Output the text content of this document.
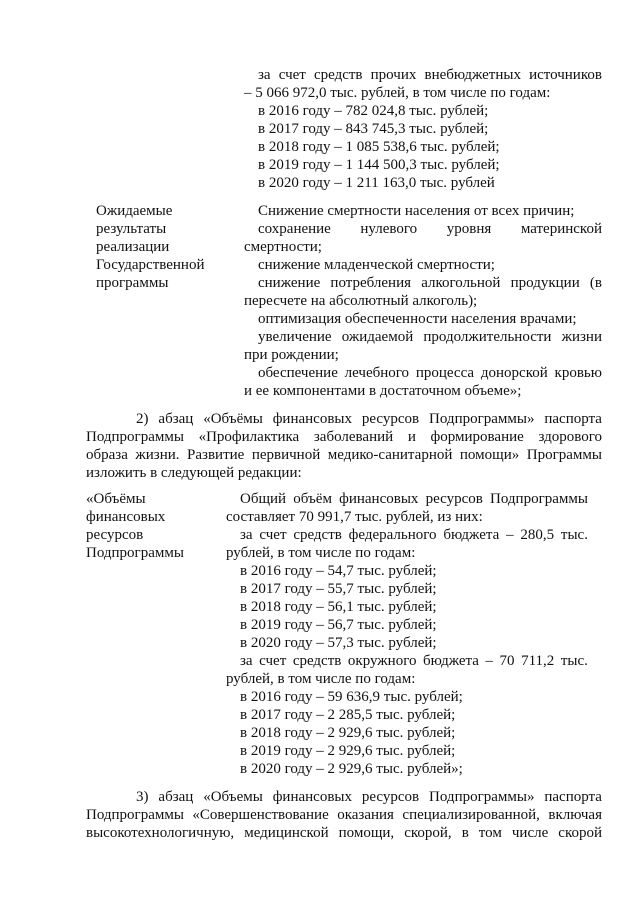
за счет средств прочих внебюджетных источников
– 5 066 972,0 тыс. рублей, в том числе по годам:
в 2016 году – 782 024,8 тыс. рублей;
в 2017 году – 843 745,3 тыс. рублей;
в 2018 году – 1 085 538,6 тыс. рублей;
в 2019 году – 1 144 500,3 тыс. рублей;
в 2020 году – 1 211 163,0 тыс. рублей
Ожидаемые
результаты
реализации
Государственной
программы
Снижение смертности населения от всех причин;
сохранение нулевого уровня материнской
смертности;
снижение младенческой смертности;
снижение потребления алкогольной продукции (в
пересчете на абсолютный алкоголь);
оптимизация обеспеченности населения врачами;
увеличение ожидаемой продолжительности жизни
при рождении;
обеспечение лечебного процесса донорской кровью
и ее компонентами в достаточном объеме»;
2) абзац «Объёмы финансовых ресурсов Подпрограммы» паспорта
Подпрограммы «Профилактика заболеваний и формирование здорового
образа жизни. Развитие первичной медико-санитарной помощи» Программы
изложить в следующей редакции:
«Объёмы
финансовых
ресурсов
Подпрограммы
Общий объём финансовых ресурсов Подпрограммы
составляет 70 991,7 тыс. рублей, из них:
за счет средств федерального бюджета – 280,5 тыс.
рублей, в том числе по годам:
в 2016 году – 54,7 тыс. рублей;
в 2017 году – 55,7 тыс. рублей;
в 2018 году – 56,1 тыс. рублей;
в 2019 году – 56,7 тыс. рублей;
в 2020 году – 57,3 тыс. рублей;
за счет средств окружного бюджета – 70 711,2 тыс.
рублей, в том числе по годам:
в 2016 году – 59 636,9 тыс. рублей;
в 2017 году – 2 285,5 тыс. рублей;
в 2018 году – 2 929,6 тыс. рублей;
в 2019 году – 2 929,6 тыс. рублей;
в 2020 году – 2 929,6 тыс. рублей»;
3) абзац «Объемы финансовых ресурсов Подпрограммы» паспорта
Подпрограммы «Совершенствование оказания специализированной, включая
высокотехнологичную, медицинской помощи, скорой, в том числе скорой
